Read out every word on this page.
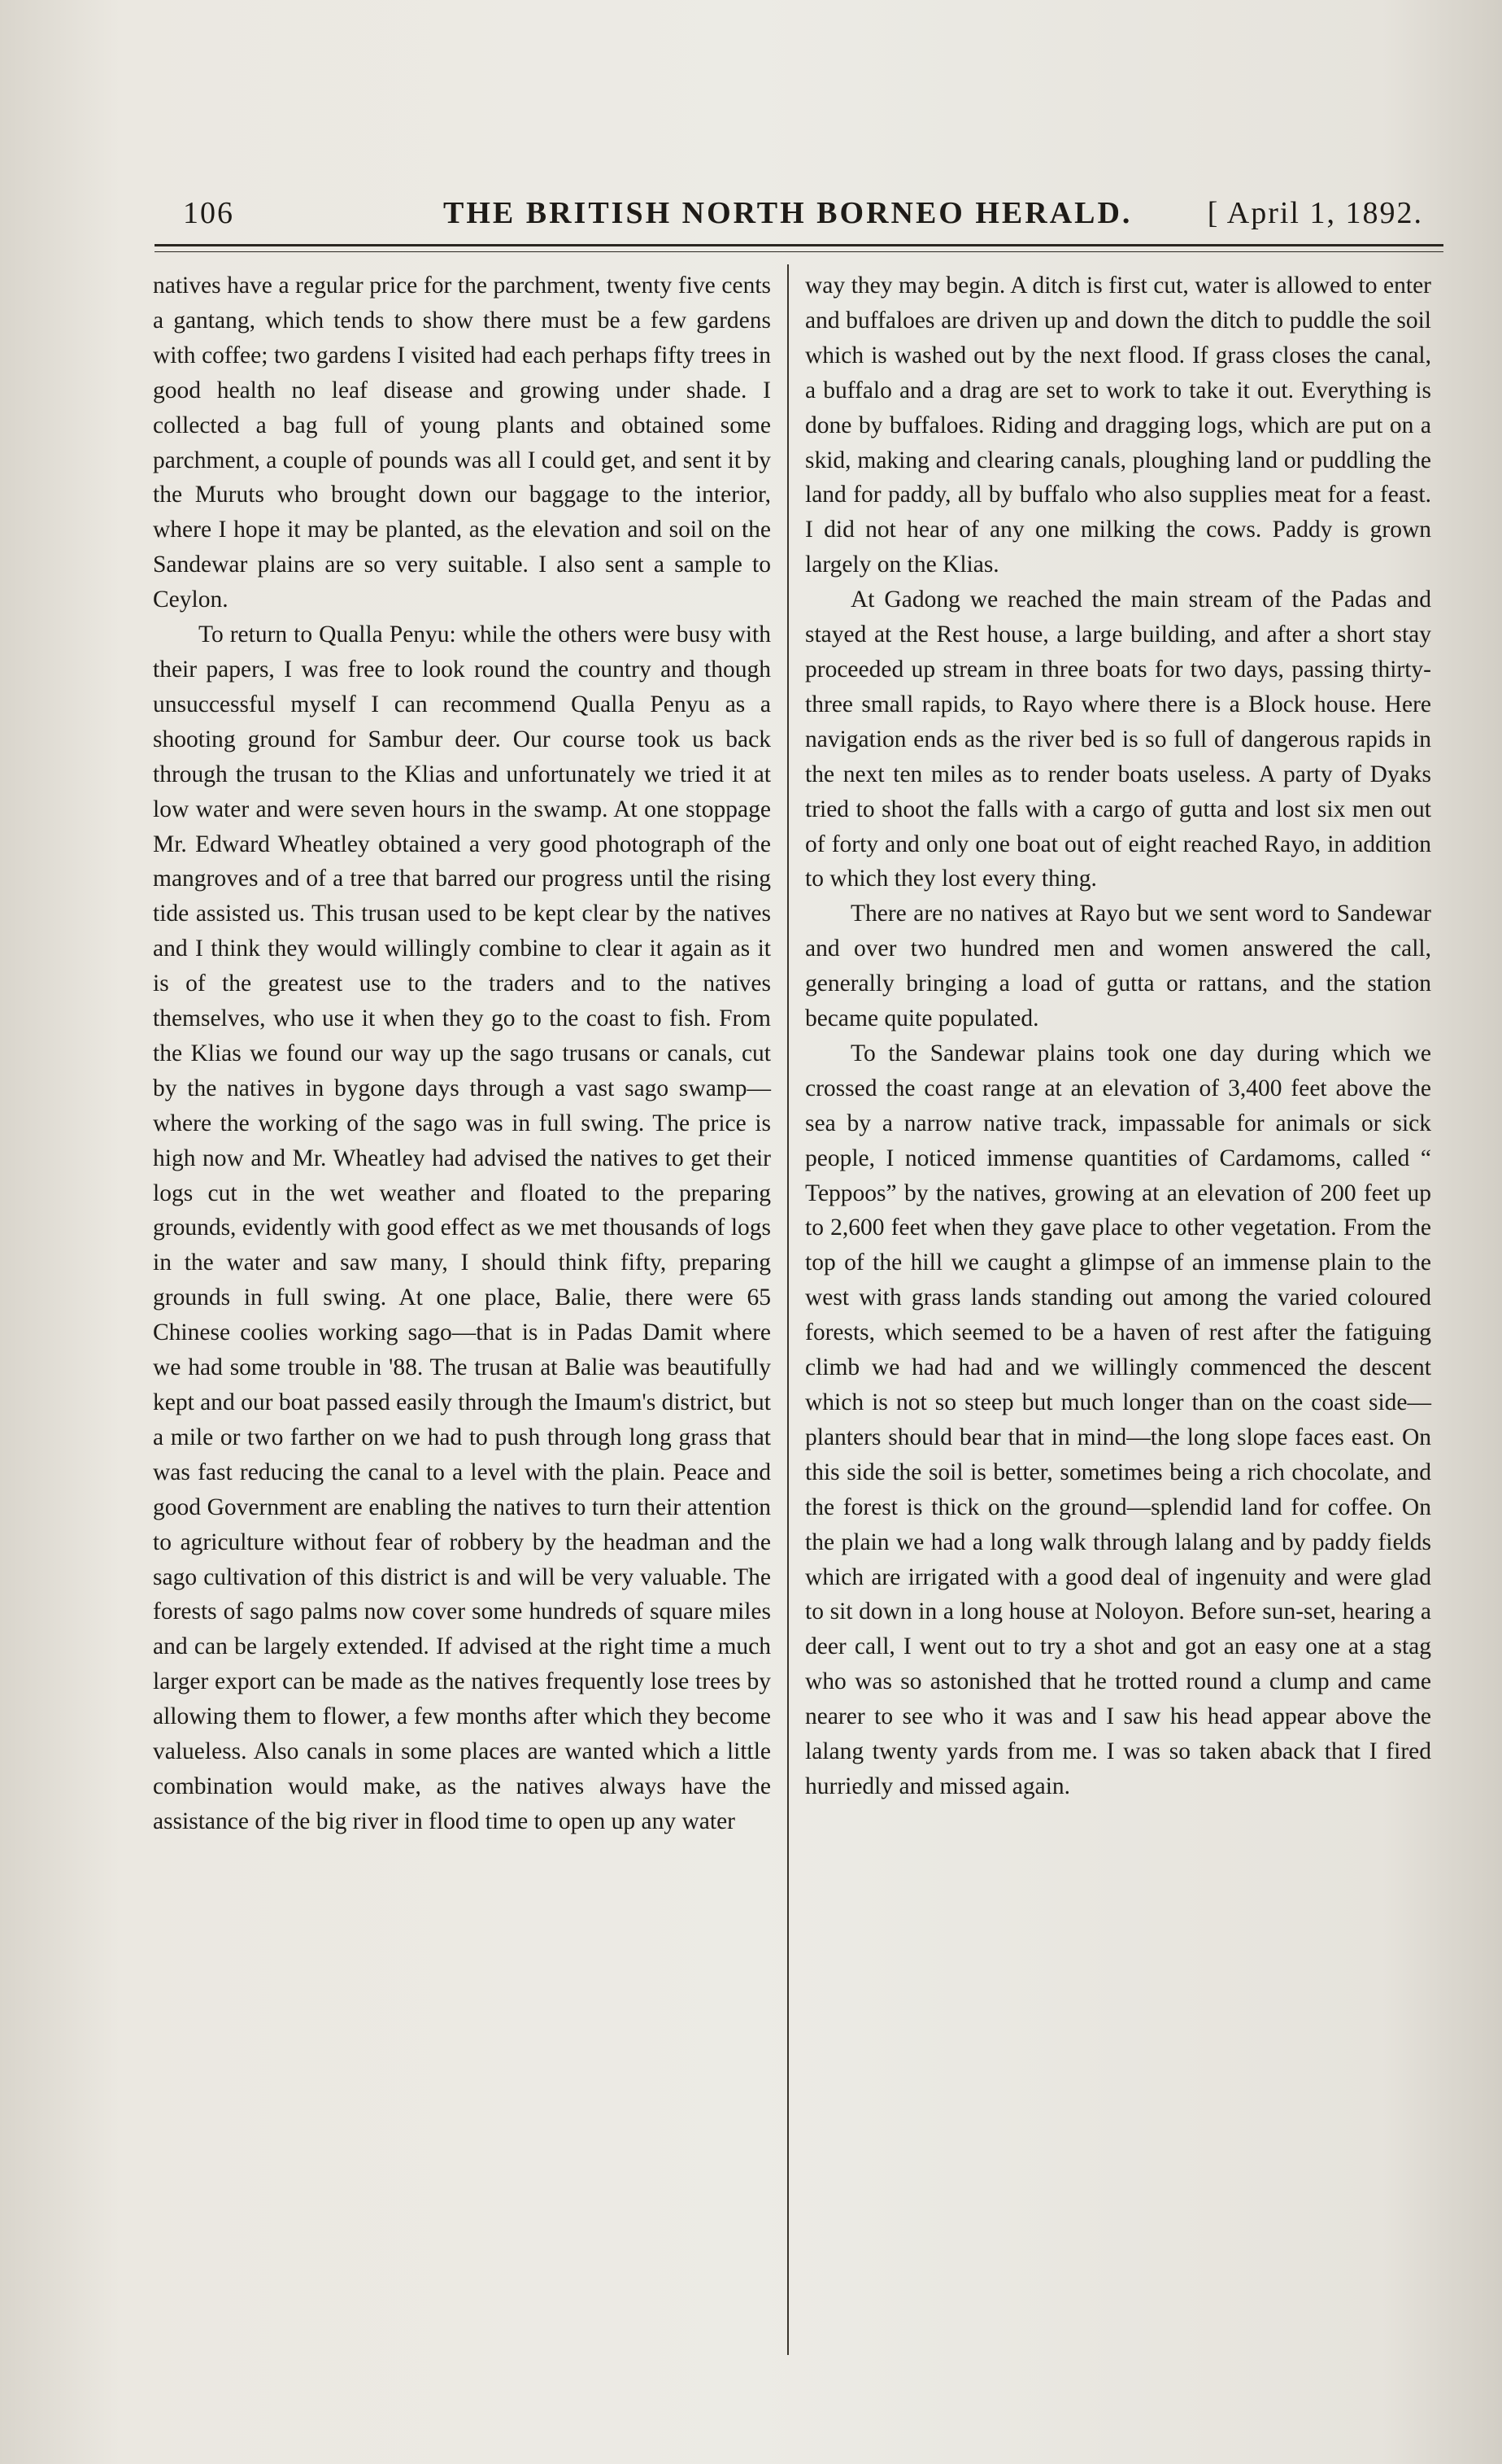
106	THE BRITISH NORTH BORNEO HERALD. [ April 1, 1892.

natives have a regular price for the parchment, twenty five cents a gantang, which tends to show there must be a few gardens with coffee; two gardens I visited had each perhaps fifty trees in good health no leaf disease and growing under shade. I collected a bag full of young plants and obtained some parchment, a couple of pounds was all I could get, and sent it by the Muruts who brought down our baggage to the interior, where I hope it may be planted, as the elevation and soil on the Sandewar plains are so very suitable. I also sent a sample to Ceylon.

To return to Qualla Penyu: while the others were busy with their papers, I was free to look round the country and though unsuccessful myself I can recommend Qualla Penyu as a shooting ground for Sambur deer. Our course took us back through the trusan to the Klias and unfortunately we tried it at low water and were seven hours in the swamp. At one stoppage Mr. Edward Wheatley obtained a very good photograph of the mangroves and of a tree that barred our progress until the rising tide assisted us. This trusan used to be kept clear by the natives and I think they would willingly combine to clear it again as it is of the greatest use to the traders and to the natives themselves, who use it when they go to the coast to fish. From the Klias we found our way up the sago trusans or canals, cut by the natives in bygone days through a vast sago swamp—where the working of the sago was in full swing. The price is high now and Mr. Wheatley had advised the natives to get their logs cut in the wet weather and floated to the preparing grounds, evidently with good effect as we met thousands of logs in the water and saw many, I should think fifty, preparing grounds in full swing. At one place, Balie, there were 65 Chinese coolies working sago—that is in Padas Damit where we had some trouble in '88. The trusan at Balie was beautifully kept and our boat passed easily through the Imaum's district, but a mile or two farther on we had to push through long grass that was fast reducing the canal to a level with the plain. Peace and good Government are enabling the natives to turn their attention to agriculture without fear of robbery by the headman and the sago cultivation of this district is and will be very valuable. The forests of sago palms now cover some hundreds of square miles and can be largely extended. If advised at the right time a much larger export can be made as the natives frequently lose trees by allowing them to flower, a few months after which they become valueless. Also canals in some places are wanted which a little combination would make, as the natives always have the assistance of the big river in flood time to open up any water

way they may begin. A ditch is first cut, water is allowed to enter and buffaloes are driven up and down the ditch to puddle the soil which is washed out by the next flood. If grass closes the canal, a buffalo and a drag are set to work to take it out. Everything is done by buffaloes. Riding and dragging logs, which are put on a skid, making and clearing canals, ploughing land or puddling the land for paddy, all by buffalo who also supplies meat for a feast. I did not hear of any one milking the cows. Paddy is grown largely on the Klias.

At Gadong we reached the main stream of the Padas and stayed at the Rest house, a large building, and after a short stay proceeded up stream in three boats for two days, passing thirty-three small rapids, to Rayo where there is a Block house. Here navigation ends as the river bed is so full of dangerous rapids in the next ten miles as to render boats useless. A party of Dyaks tried to shoot the falls with a cargo of gutta and lost six men out of forty and only one boat out of eight reached Rayo, in addition to which they lost every thing.

There are no natives at Rayo but we sent word to Sandewar and over two hundred men and women answered the call, generally bringing a load of gutta or rattans, and the station became quite populated.

To the Sandewar plains took one day during which we crossed the coast range at an elevation of 3,400 feet above the sea by a narrow native track, impassable for animals or sick people, I noticed immense quantities of Cardamoms, called “ Teppoos” by the natives, growing at an elevation of 200 feet up to 2,600 feet when they gave place to other vegetation. From the top of the hill we caught a glimpse of an immense plain to the west with grass lands standing out among the varied coloured forests, which seemed to be a haven of rest after the fatiguing climb we had had and we willingly commenced the descent which is not so steep but much longer than on the coast side—planters should bear that in mind—the long slope faces east. On this side the soil is better, sometimes being a rich chocolate, and the forest is thick on the ground—splendid land for coffee. On the plain we had a long walk through lalang and by paddy fields which are irrigated with a good deal of ingenuity and were glad to sit down in a long house at Noloyon. Before sun-set, hearing a deer call, I went out to try a shot and got an easy one at a stag who was so astonished that he trotted round a clump and came nearer to see who it was and I saw his head appear above the lalang twenty yards from me. I was so taken aback that I fired hurriedly and missed again.
